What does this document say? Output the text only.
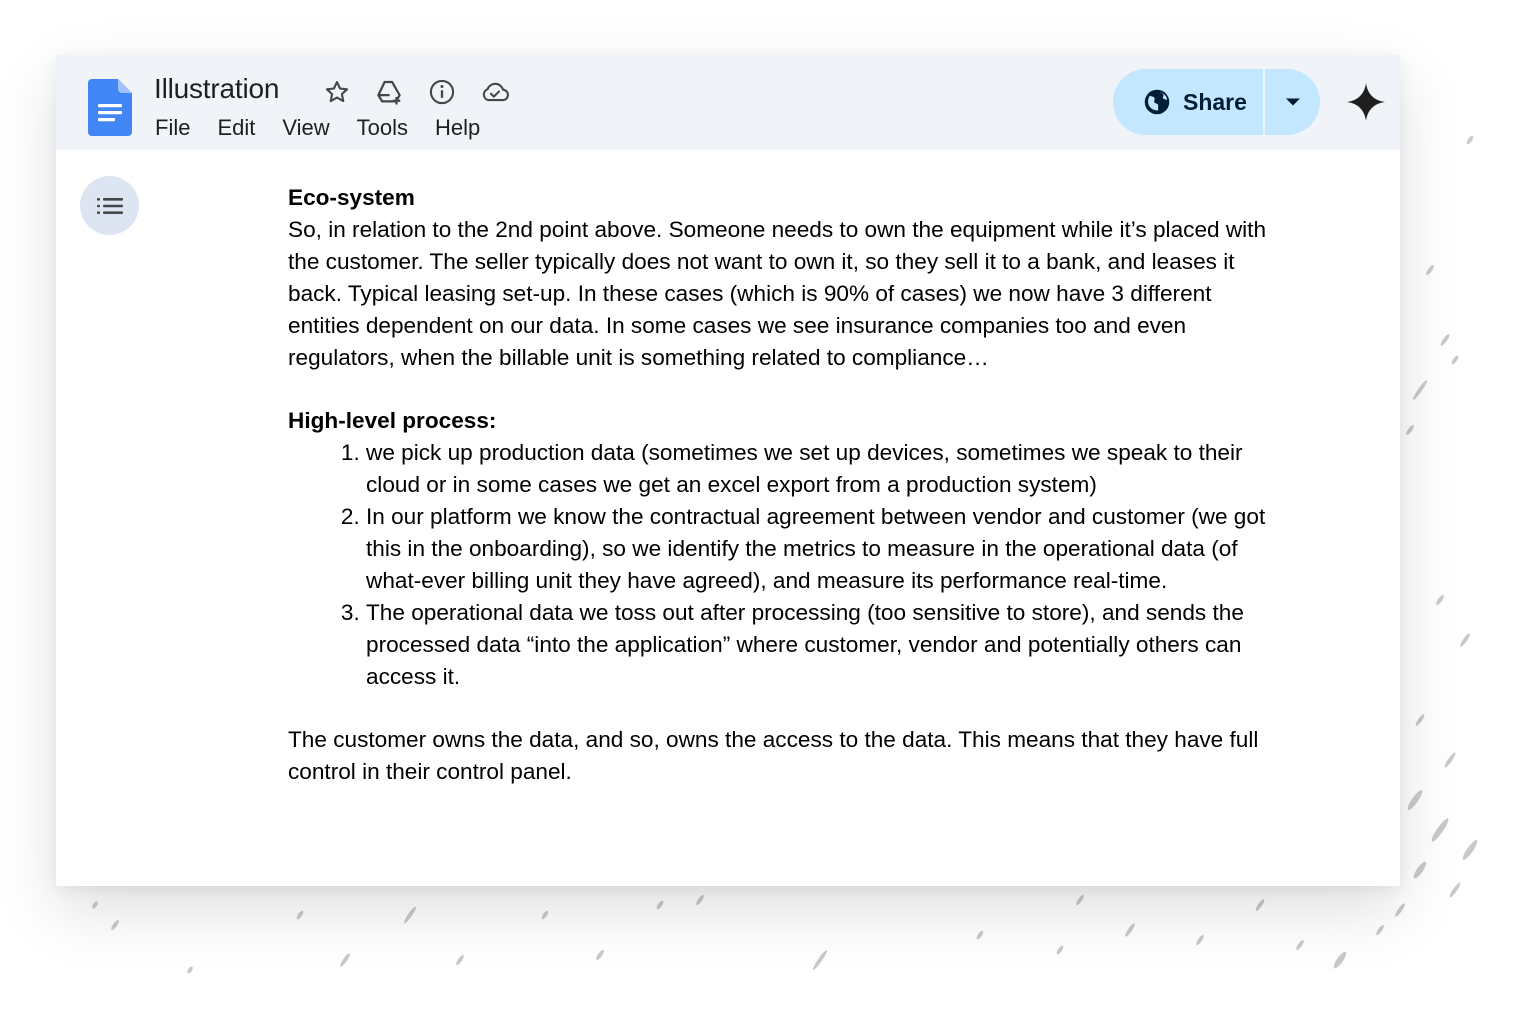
Illustration
File Edit View Tools Help
Share

Eco-system

So, in relation to the 2nd point above. Someone needs to own the equipment while it’s placed with the customer. The seller typically does not want to own it, so they sell it to a bank, and leases it back. Typical leasing set-up. In these cases (which is 90% of cases) we now have 3 different entities dependent on our data. In some cases we see insurance companies too and even regulators, when the billable unit is something related to compliance…

High-level process:

1. we pick up production data (sometimes we set up devices, sometimes we speak to their cloud or in some cases we get an excel export from a production system)
2. In our platform we know the contractual agreement between vendor and customer (we got this in the onboarding), so we identify the metrics to measure in the operational data (of what-ever billing unit they have agreed), and measure its performance real-time.
3. The operational data we toss out after processing (too sensitive to store), and sends the processed data “into the application” where customer, vendor and potentially others can access it.

The customer owns the data, and so, owns the access to the data. This means that they have full control in their control panel.
